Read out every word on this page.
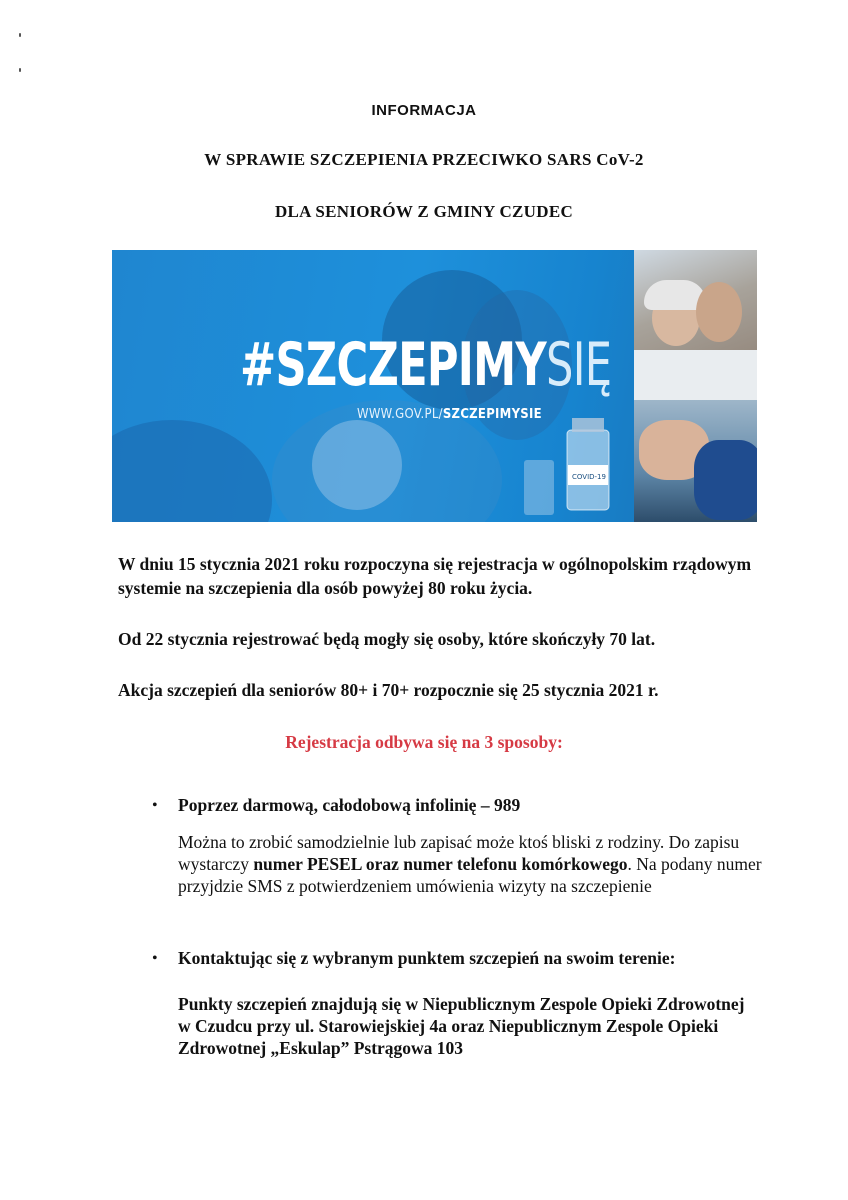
INFORMACJA
W SPRAWIE SZCZEPIENIA PRZECIWKO SARS CoV-2
DLA SENIORÓW Z GMINY CZUDEC
COVID-19
#SZCZEPIMYSIĘ
WWW.GOV.PL/SZCZEPIMYSIE

W dniu 15 stycznia 2021 roku rozpoczyna się rejestracja w ogólnopolskim rządowym systemie na szczepienia dla osób powyżej 80 roku życia.

Od 22 stycznia rejestrować będą mogły się osoby, które skończyły 70 lat.

Akcja szczepień dla seniorów 80+ i 70+ rozpocznie się 25 stycznia 2021 r.

Rejestracja odbywa się na 3 sposoby:
• Poprzez darmową, całodobową infolinię – 989

Można to zrobić samodzielnie lub zapisać może ktoś bliski z rodziny. Do zapisu wystarczy numer PESEL oraz numer telefonu komórkowego. Na podany numer przyjdzie SMS z potwierdzeniem umówienia wizyty na szczepienie

• Kontaktując się z wybranym punktem szczepień na swoim terenie:

Punkty szczepień znajdują się w Niepublicznym Zespole Opieki Zdrowotnej w Czudcu przy ul. Starowiejskiej 4a oraz Niepublicznym Zespole Opieki Zdrowotnej „Eskulap” Pstrągowa 103
